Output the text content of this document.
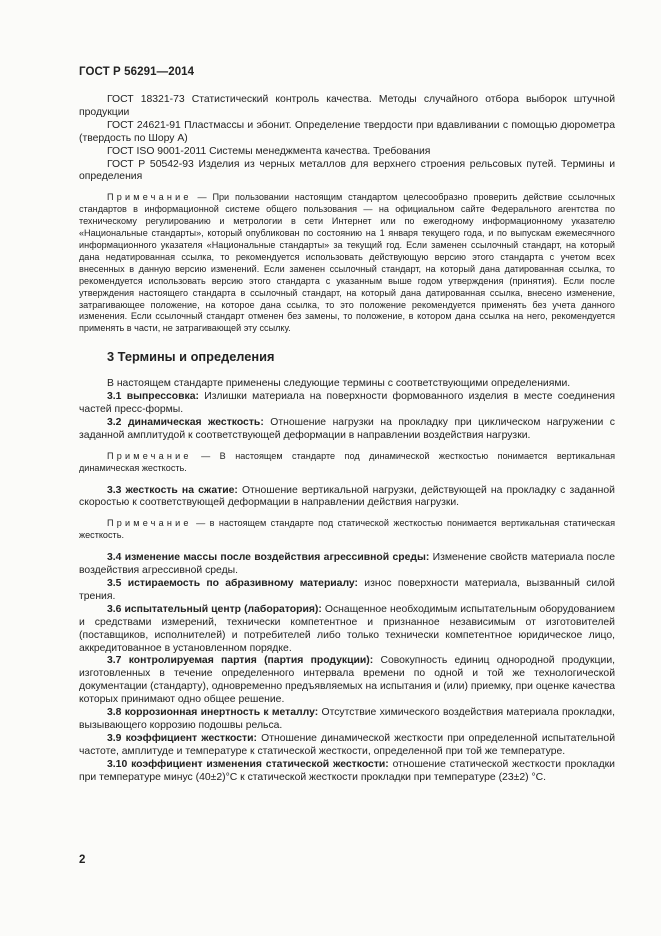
ГОСТ Р 56291—2014

ГОСТ 18321-73 Статистический контроль качества. Методы случайного отбора выборок штучной продукции

ГОСТ 24621-91 Пластмассы и эбонит. Определение твердости при вдавливании с помощью дюрометра (твердость по Шору А)

ГОСТ ISO 9001-2011 Системы менеджмента качества. Требования

ГОСТ Р 50542-93 Изделия из черных металлов для верхнего строения рельсовых путей. Термины и определения

Примечание — При пользовании настоящим стандартом целесообразно проверить действие ссылочных стандартов в информационной системе общего пользования — на официальном сайте Федерального агентства по техническому регулированию и метрологии в сети Интернет или по ежегодному информационному указателю «Национальные стандарты», который опубликован по состоянию на 1 января текущего года, и по выпускам ежемесячного информационного указателя «Национальные стандарты» за текущий год. Если заменен ссылочный стандарт, на который дана недатированная ссылка, то рекомендуется использовать действующую версию этого стандарта с учетом всех внесенных в данную версию изменений. Если заменен ссылочный стандарт, на который дана датированная ссылка, то рекомендуется использовать версию этого стандарта с указанным выше годом утверждения (принятия). Если после утверждения настоящего стандарта в ссылочный стандарт, на который дана датированная ссылка, внесено изменение, затрагивающее положение, на которое дана ссылка, то это положение рекомендуется применять без учета данного изменения. Если ссылочный стандарт отменен без замены, то положение, в котором дана ссылка на него, рекомендуется применять в части, не затрагивающей эту ссылку.

3 Термины и определения

В настоящем стандарте применены следующие термины с соответствующими определениями.

3.1 выпрессовка: Излишки материала на поверхности формованного изделия в месте соединения частей пресс-формы.

3.2 динамическая жесткость: Отношение нагрузки на прокладку при циклическом нагружении с заданной амплитудой к соответствующей деформации в направлении воздействия нагрузки.

Примечание — В настоящем стандарте под динамической жесткостью понимается вертикальная динамическая жесткость.

3.3 жесткость на сжатие: Отношение вертикальной нагрузки, действующей на прокладку с заданной скоростью к соответствующей деформации в направлении действия нагрузки.

Примечание — в настоящем стандарте под статической жесткостью понимается вертикальная статическая жесткость.

3.4 изменение массы после воздействия агрессивной среды: Изменение свойств материала после воздействия агрессивной среды.

3.5 истираемость по абразивному материалу: износ поверхности материала, вызванный силой трения.

3.6 испытательный центр (лаборатория): Оснащенное необходимым испытательным оборудованием и средствами измерений, технически компетентное и признанное независимым от изготовителей (поставщиков, исполнителей) и потребителей либо только технически компетентное юридическое лицо, аккредитованное в установленном порядке.

3.7 контролируемая партия (партия продукции): Совокупность единиц однородной продукции, изготовленных в течение определенного интервала времени по одной и той же технологической документации (стандарту), одновременно предъявляемых на испытания и (или) приемку, при оценке качества которых принимают одно общее решение.

3.8 коррозионная инертность к металлу: Отсутствие химического воздействия материала прокладки, вызывающего коррозию подошвы рельса.

3.9 коэффициент жесткости: Отношение динамической жесткости при определенной испытательной частоте, амплитуде и температуре к статической жесткости, определенной при той же температуре.

3.10 коэффициент изменения статической жесткости: отношение статической жесткости прокладки при температуре минус (40±2)°С к статической жесткости прокладки при температуре (23±2) °С.

2
